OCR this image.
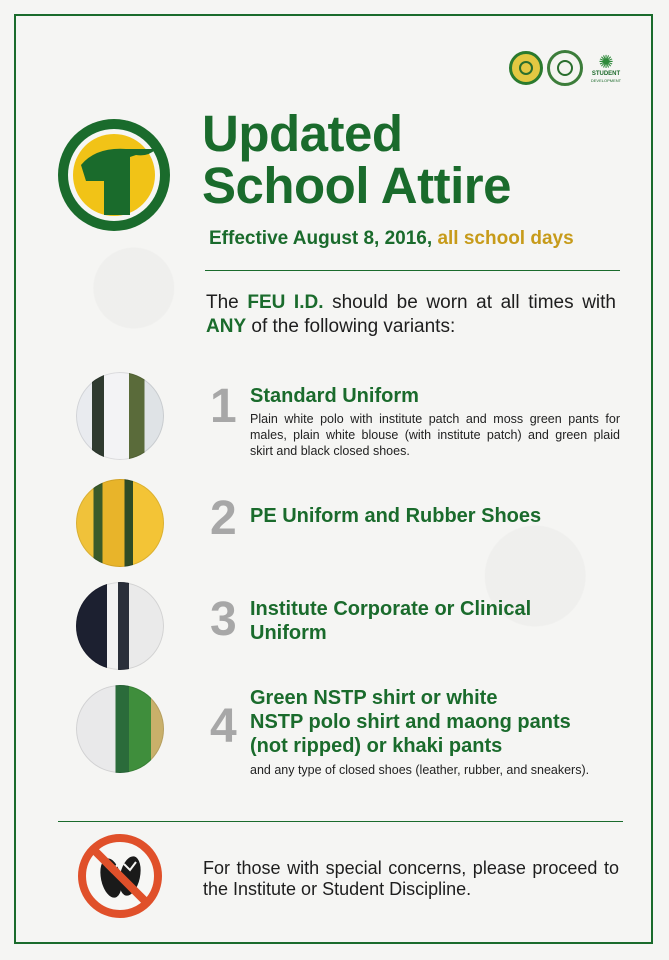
✺
STUDENT
DEVELOPMENT
Updated
School Attire
Effective August 8, 2016, all school days
The FEU I.D. should be worn at all times with ANY of the following variants:
1 Standard Uniform
Plain white polo with institute patch and moss green pants for males, plain white blouse (with institute patch) and green plaid skirt and black closed shoes.
2 PE Uniform and Rubber Shoes
3 Institute Corporate or Clinical
Uniform
4
Green NSTP shirt or white
NSTP polo shirt and maong pants
(not ripped) or khaki pants
and any type of closed shoes (leather, rubber, and sneakers).
For those with special concerns, please proceed to the Institute or Student Discipline.
